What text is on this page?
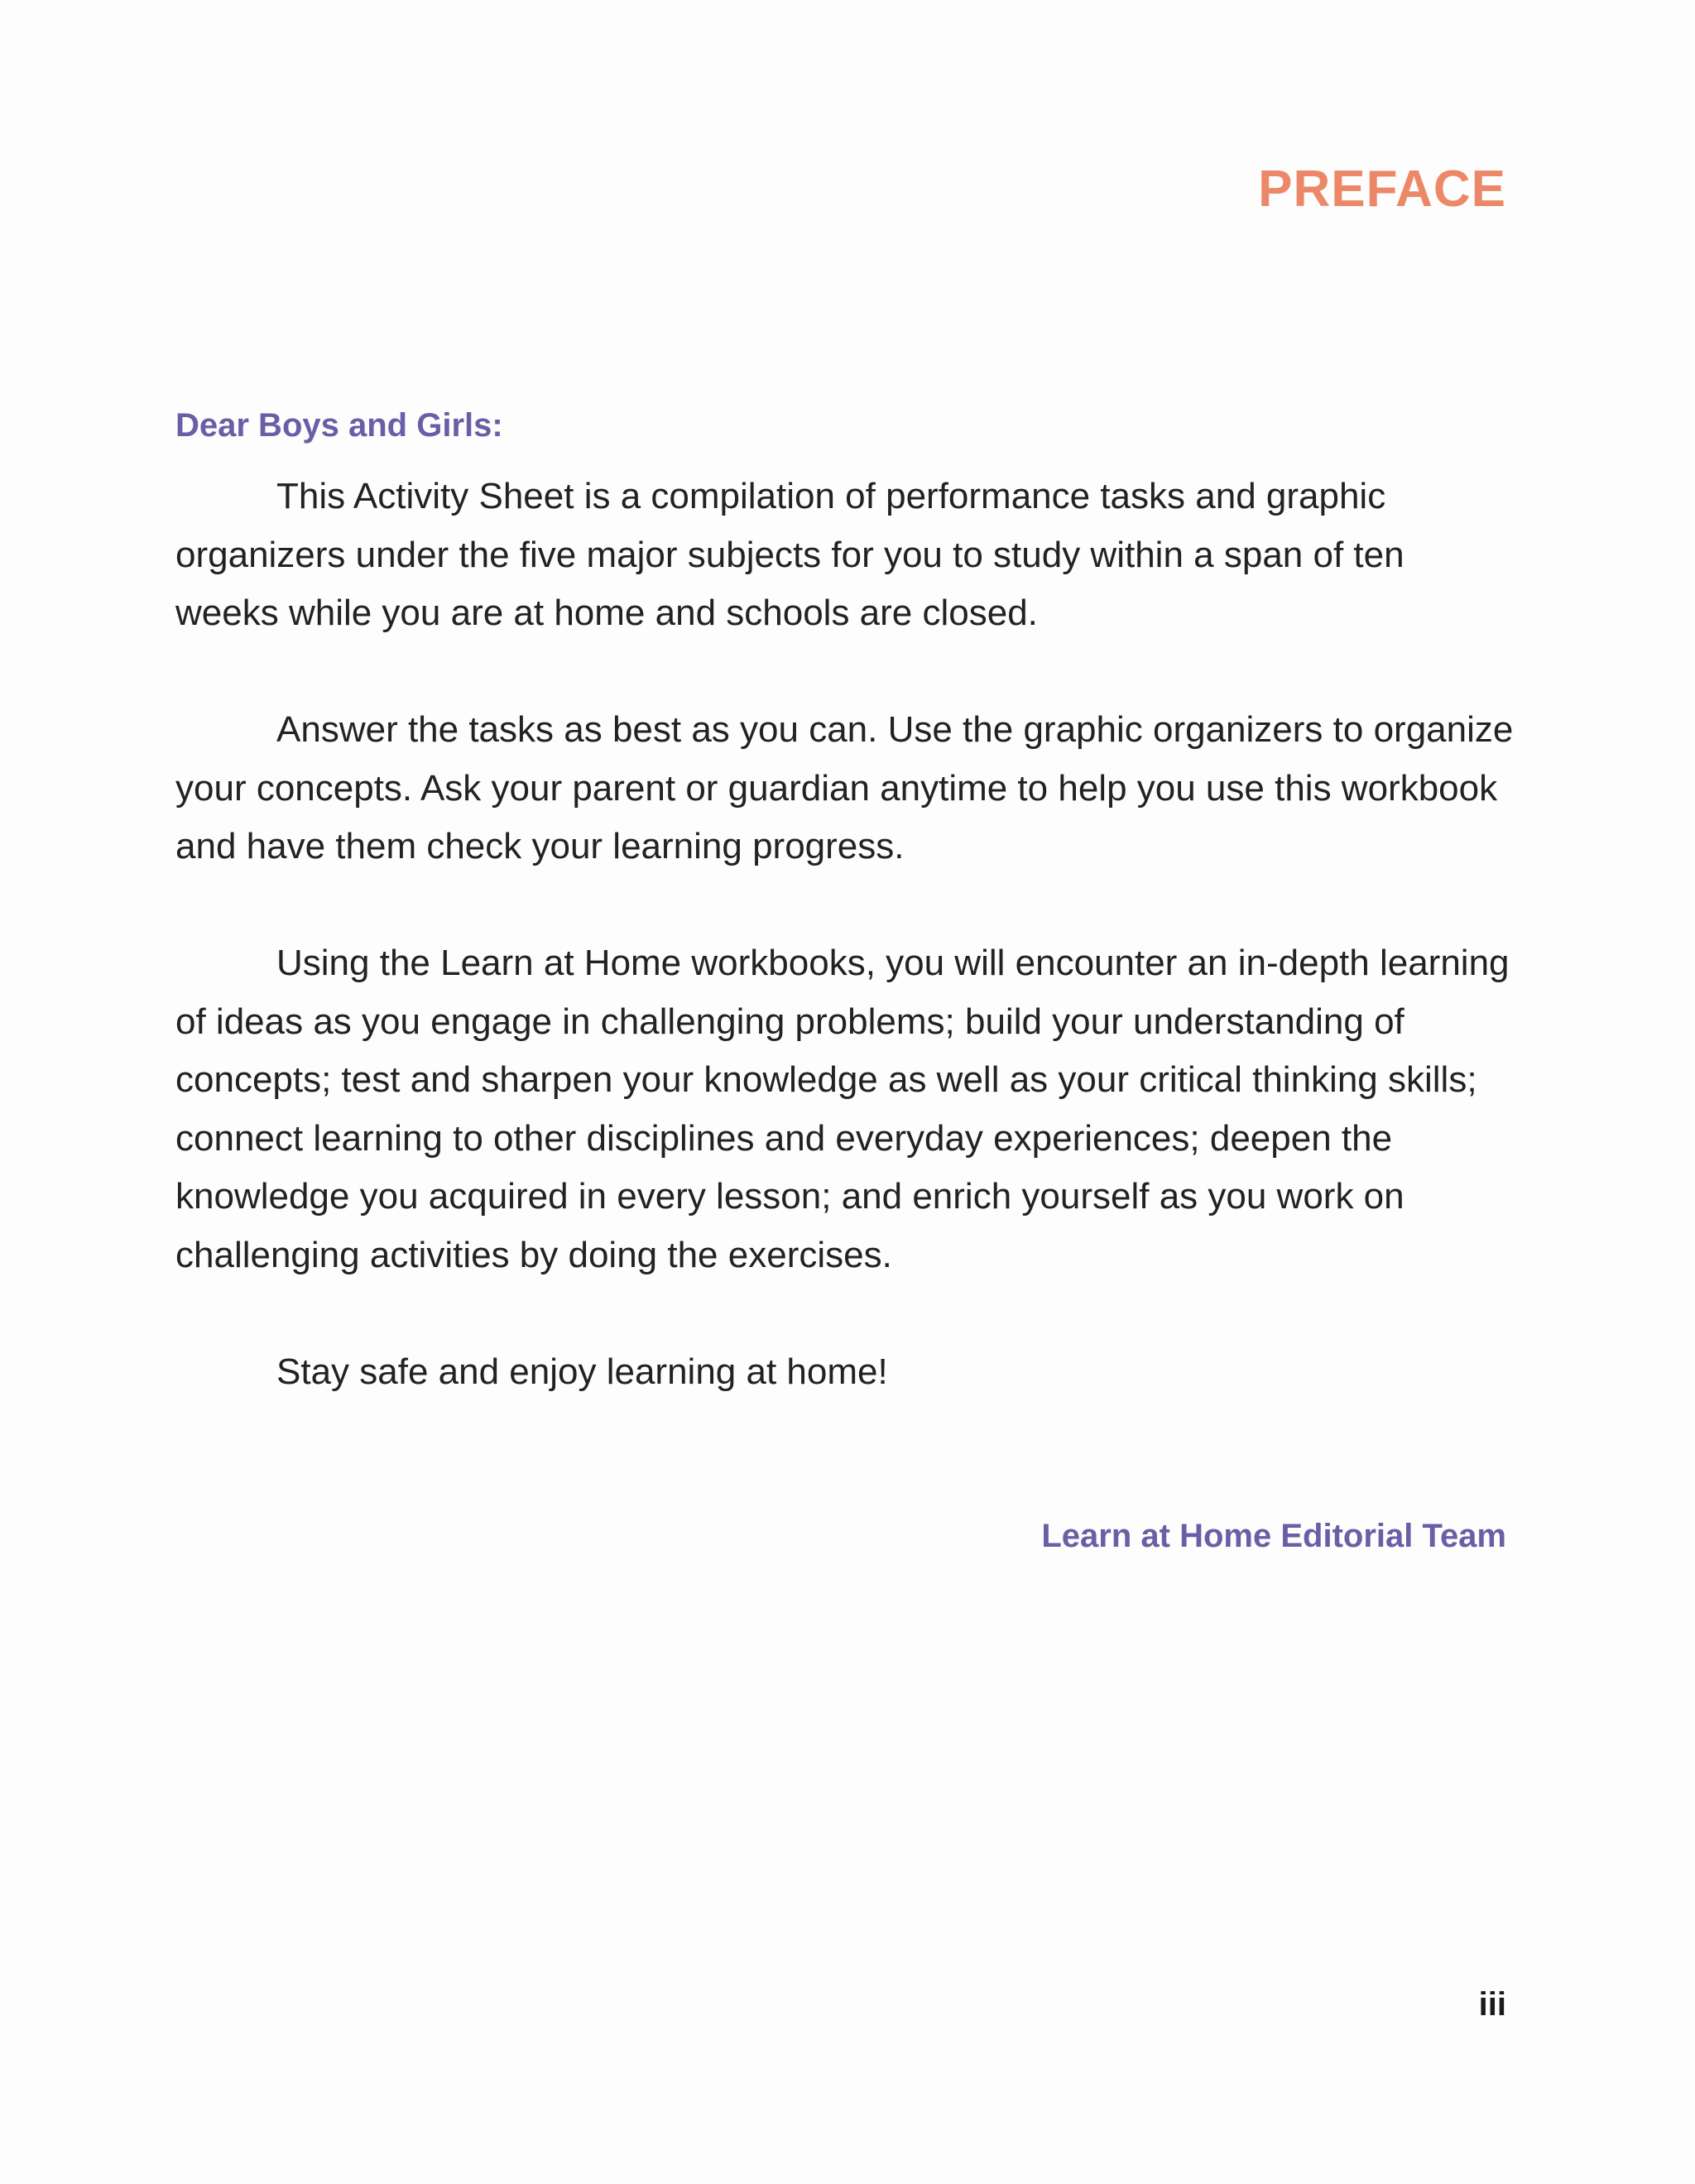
PREFACE

Dear Boys and Girls:

This Activity Sheet is a compilation of performance tasks and graphic organizers under the five major subjects for you to study within a span of ten weeks while you are at home and schools are closed.

Answer the tasks as best as you can. Use the graphic organizers to organize your concepts. Ask your parent or guardian anytime to help you use this workbook and have them check your learning progress.

Using the Learn at Home workbooks, you will encounter an in-depth learning of ideas as you engage in challenging problems; build your understanding of concepts; test and sharpen your knowledge as well as your critical thinking skills; connect learning to other disciplines and everyday experiences; deepen the knowledge you acquired in every lesson; and enrich yourself as you work on challenging activities by doing the exercises.

Stay safe and enjoy learning at home!

Learn at Home Editorial Team

iii
